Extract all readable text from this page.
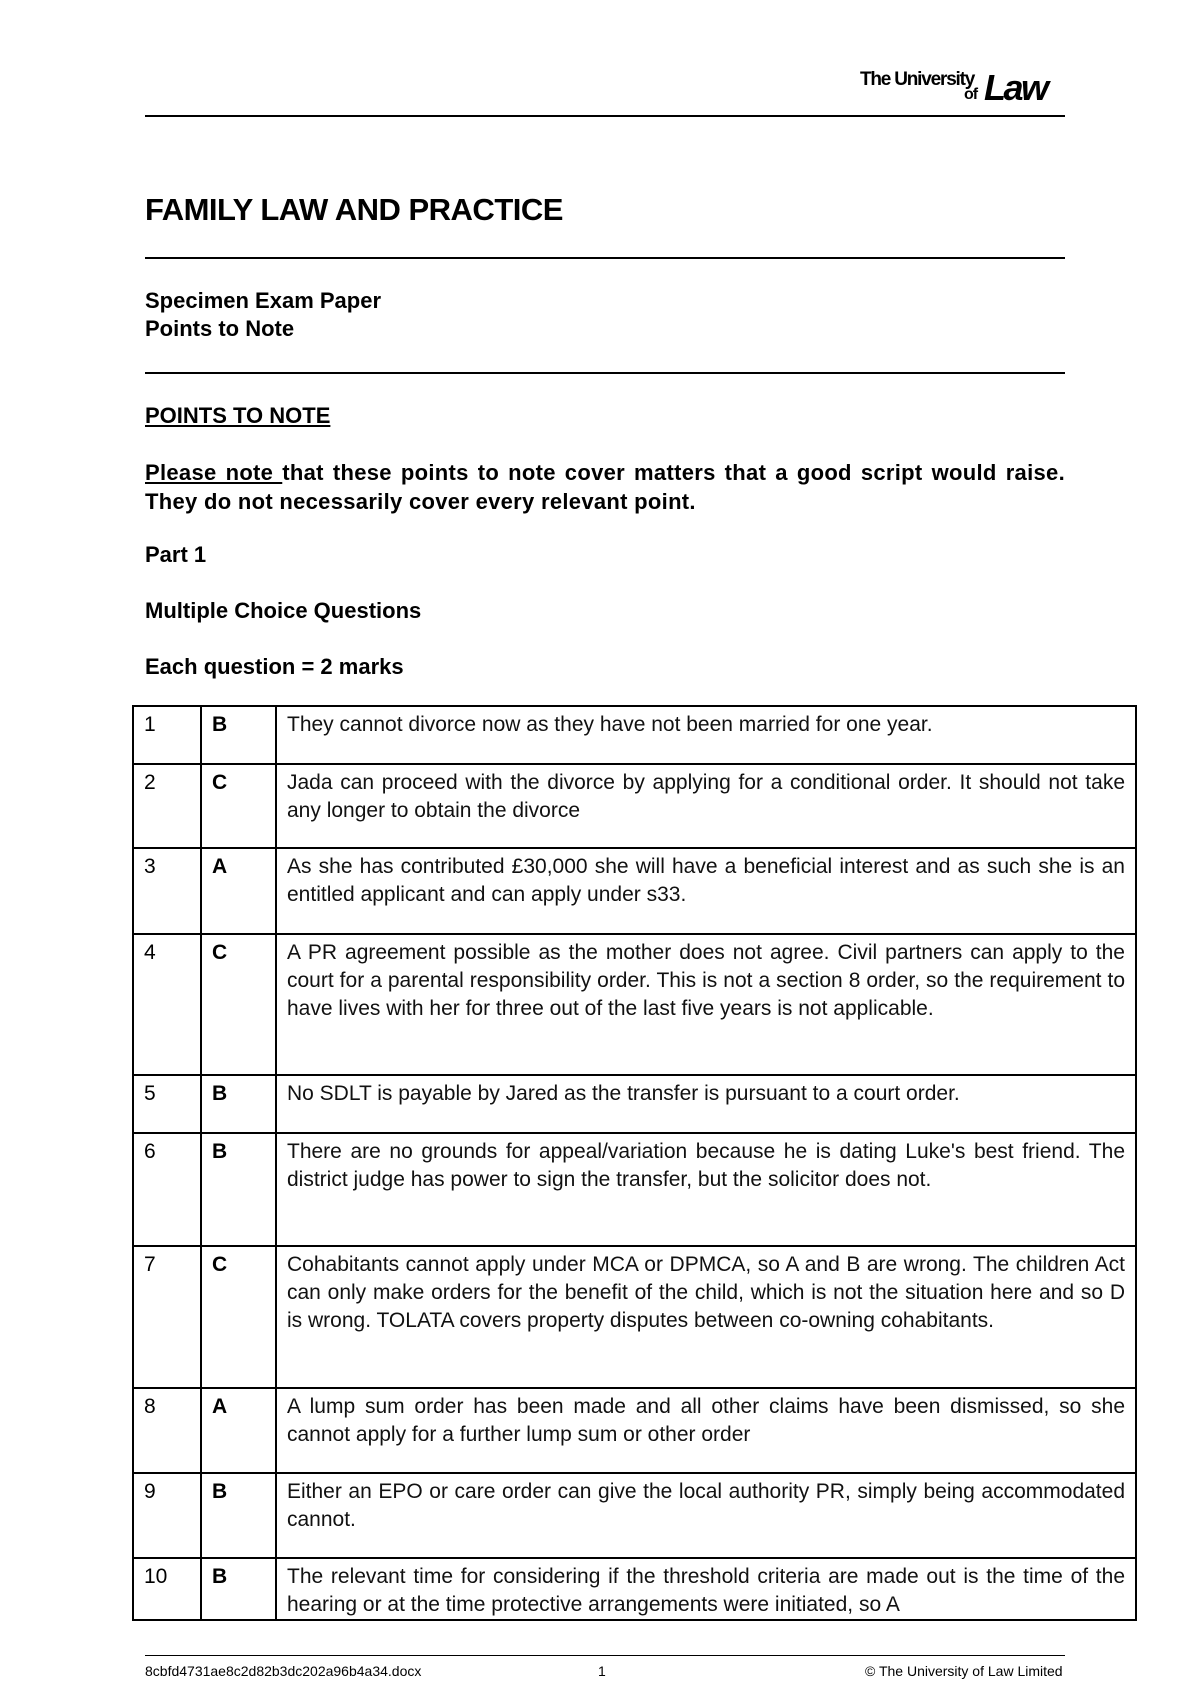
The University
of Law
FAMILY LAW AND PRACTICE
Specimen Exam Paper
Points to Note
POINTS TO NOTE
Please note that these points to note cover matters that a good script would raise. They do not necessarily cover every relevant point.
Part 1
Multiple Choice Questions
Each question = 2 marks
1	B	They cannot divorce now as they have not been married for one year.
2	C	Jada can proceed with the divorce by applying for a conditional order. It should not take any longer to obtain the divorce
3	A	As she has contributed £30,000 she will have a beneficial interest and as such she is an entitled applicant and can apply under s33.
4	C	A PR agreement possible as the mother does not agree. Civil partners can apply to the court for a parental responsibility order. This is not a section 8 order, so the requirement to have lives with her for three out of the last five years is not applicable.
5	B	No SDLT is payable by Jared as the transfer is pursuant to a court order.
6	B	There are no grounds for appeal/variation because he is dating Luke's best friend. The district judge has power to sign the transfer, but the solicitor does not.
7	C	Cohabitants cannot apply under MCA or DPMCA, so A and B are wrong. The children Act can only make orders for the benefit of the child, which is not the situation here and so D is wrong. TOLATA covers property disputes between co-owning cohabitants.
8	A	A lump sum order has been made and all other claims have been dismissed, so she cannot apply for a further lump sum or other order
9	B	Either an EPO or care order can give the local authority PR, simply being accommodated cannot.
10	B	The relevant time for considering if the threshold criteria are made out is the time of the hearing or at the time protective arrangements were initiated, so A
8cbfd4731ae8c2d82b3dc202a96b4a34.docx	1	© The University of Law Limited
